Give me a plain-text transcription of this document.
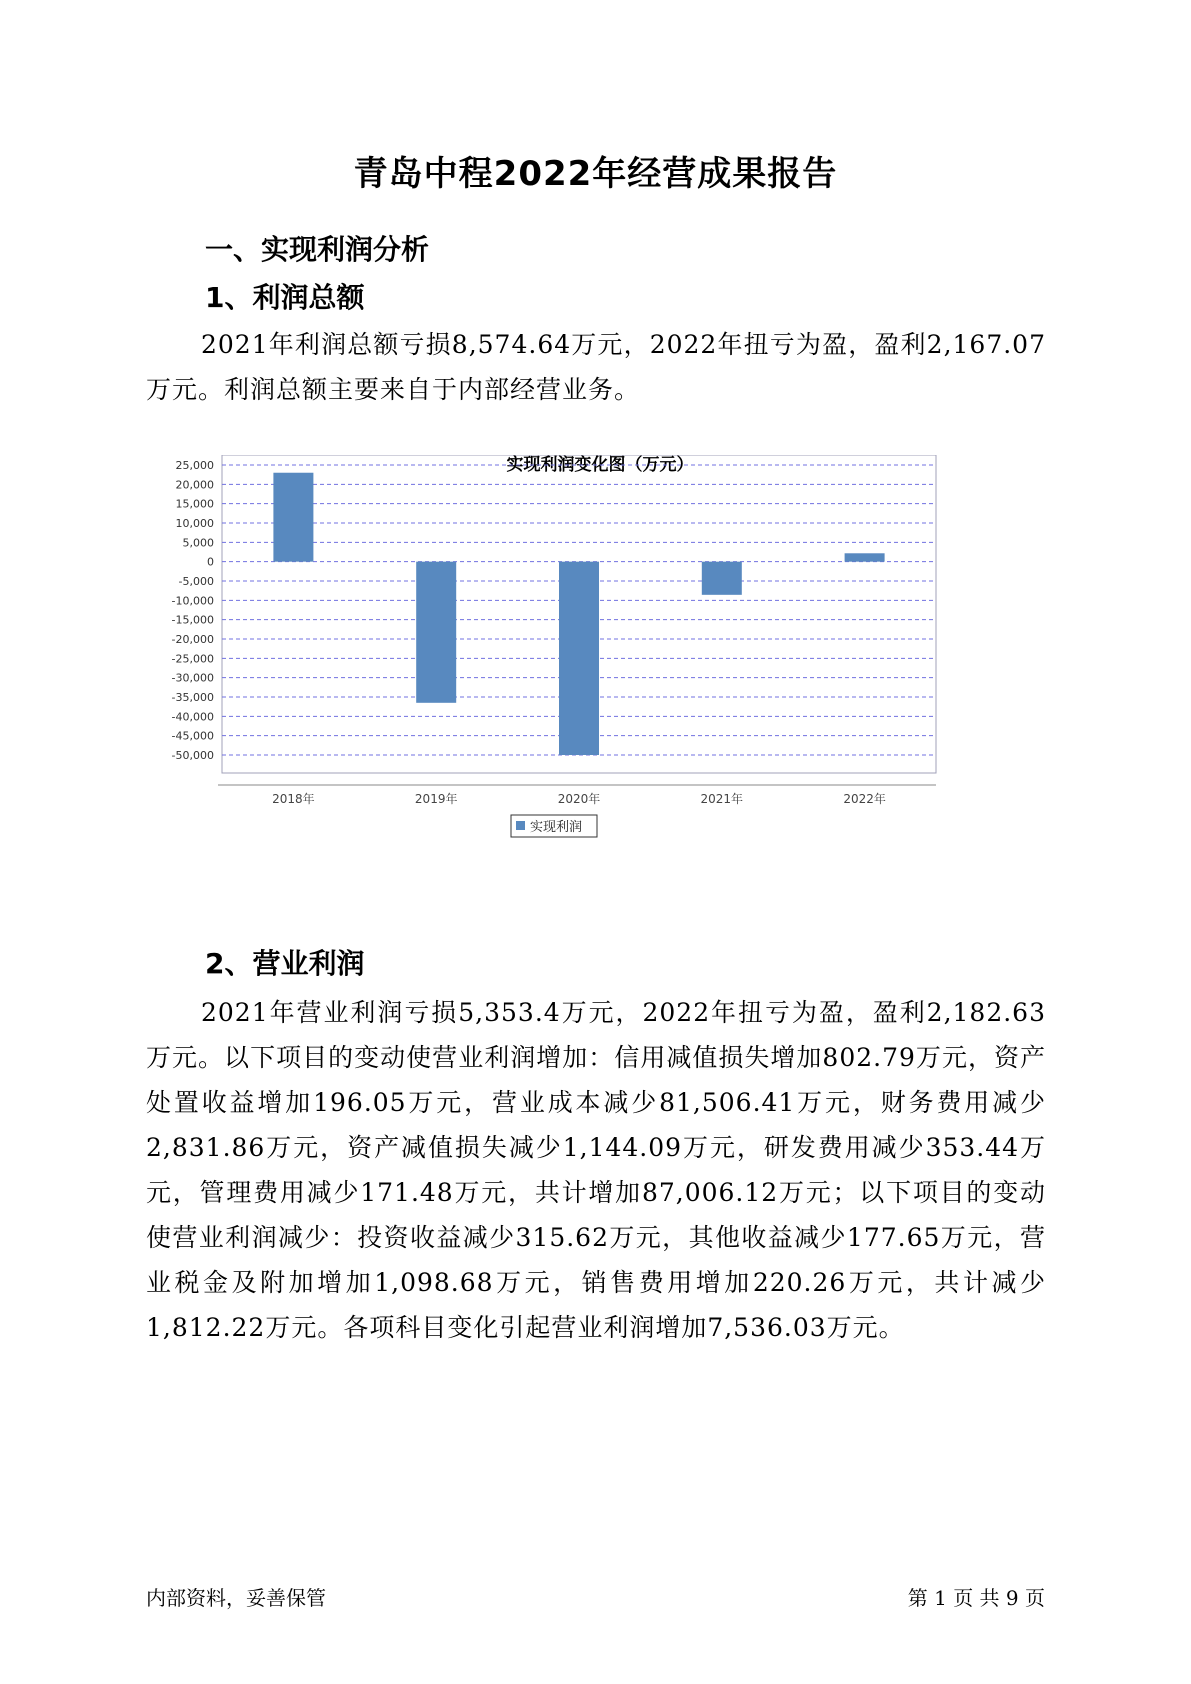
青岛中程2022年经营成果报告
一、实现利润分析
1、利润总额
2021年利润总额亏损8,574.64万元，2022年扭亏为盈，盈利2,167.07万元。利润总额主要来自于内部经营业务。
实现利润变化图（万元）
25,000
20,000
15,000
10,000
5,000
0
-5,000
-10,000
-15,000
-20,000
-25,000
-30,000
-35,000
-40,000
-45,000
-50,000
2018年	2019年	2020年	2021年	2022年
实现利润
2、营业利润
2021年营业利润亏损5,353.4万元，2022年扭亏为盈，盈利2,182.63万元。以下项目的变动使营业利润增加：信用减值损失增加802.79万元，资产处置收益增加196.05万元，营业成本减少81,506.41万元，财务费用减少2,831.86万元，资产减值损失减少1,144.09万元，研发费用减少353.44万元，管理费用减少171.48万元，共计增加87,006.12万元；以下项目的变动使营业利润减少：投资收益减少315.62万元，其他收益减少177.65万元，营业税金及附加增加1,098.68万元，销售费用增加220.26万元，共计减少1,812.22万元。各项科目变化引起营业利润增加7,536.03万元。
内部资料，妥善保管	第 1 页 共 9 页
